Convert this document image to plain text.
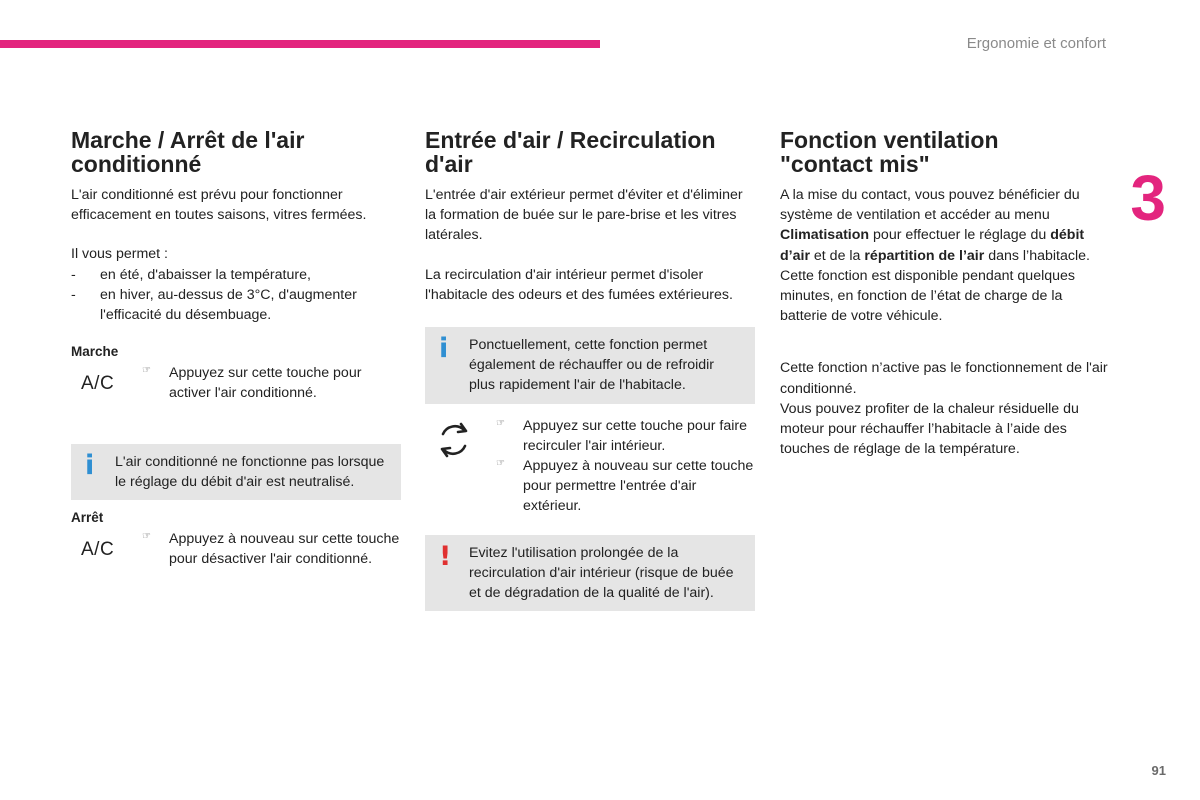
Ergonomie et confort
3
91
Marche / Arrêt de l'air conditionné

L'air conditionné est prévu pour fonctionner efficacement en toutes saisons, vitres fermées.

Il vous permet :

- en été, d'abaisser la température,
- en hiver, au-dessus de 3°C, d'augmenter l'efficacité du désembuage.
Marche
A/C
☞ Appuyez sur cette touche pour activer l'air conditionné.
i	L'air conditionné ne fonctionne pas lorsque le réglage du débit d'air est neutralisé.

Arrêt
A/C
☞ Appuyez à nouveau sur cette touche pour désactiver l'air conditionné.
Entrée d'air / Recirculation d'air

L'entrée d'air extérieur permet d'éviter et d'éliminer la formation de buée sur le pare-brise et les vitres latérales.

La recirculation d'air intérieur permet d'isoler l'habitacle des odeurs et des fumées extérieures.

i	Ponctuellement, cette fonction permet également de réchauffer ou de refroidir plus rapidement l'air de l'habitacle.

☞ Appuyez sur cette touche pour faire recirculer l'air intérieur.
☞ Appuyez à nouveau sur cette touche pour permettre l'entrée d'air extérieur.
!	Evitez l'utilisation prolongée de la recirculation d'air intérieur (risque de buée et de dégradation de la qualité de l'air).

Fonction ventilation "contact mis"

A la mise du contact, vous pouvez bénéficier du système de ventilation et accéder au menu Climatisation pour effectuer le réglage du débit d’air et de la répartition de l’air dans l’habitacle.

Cette fonction est disponible pendant quelques minutes, en fonction de l’état de charge de la batterie de votre véhicule.

Cette fonction n’active pas le fonctionnement de l'air conditionné.

Vous pouvez profiter de la chaleur résiduelle du moteur pour réchauffer l’habitacle à l’aide des touches de réglage de la température.
